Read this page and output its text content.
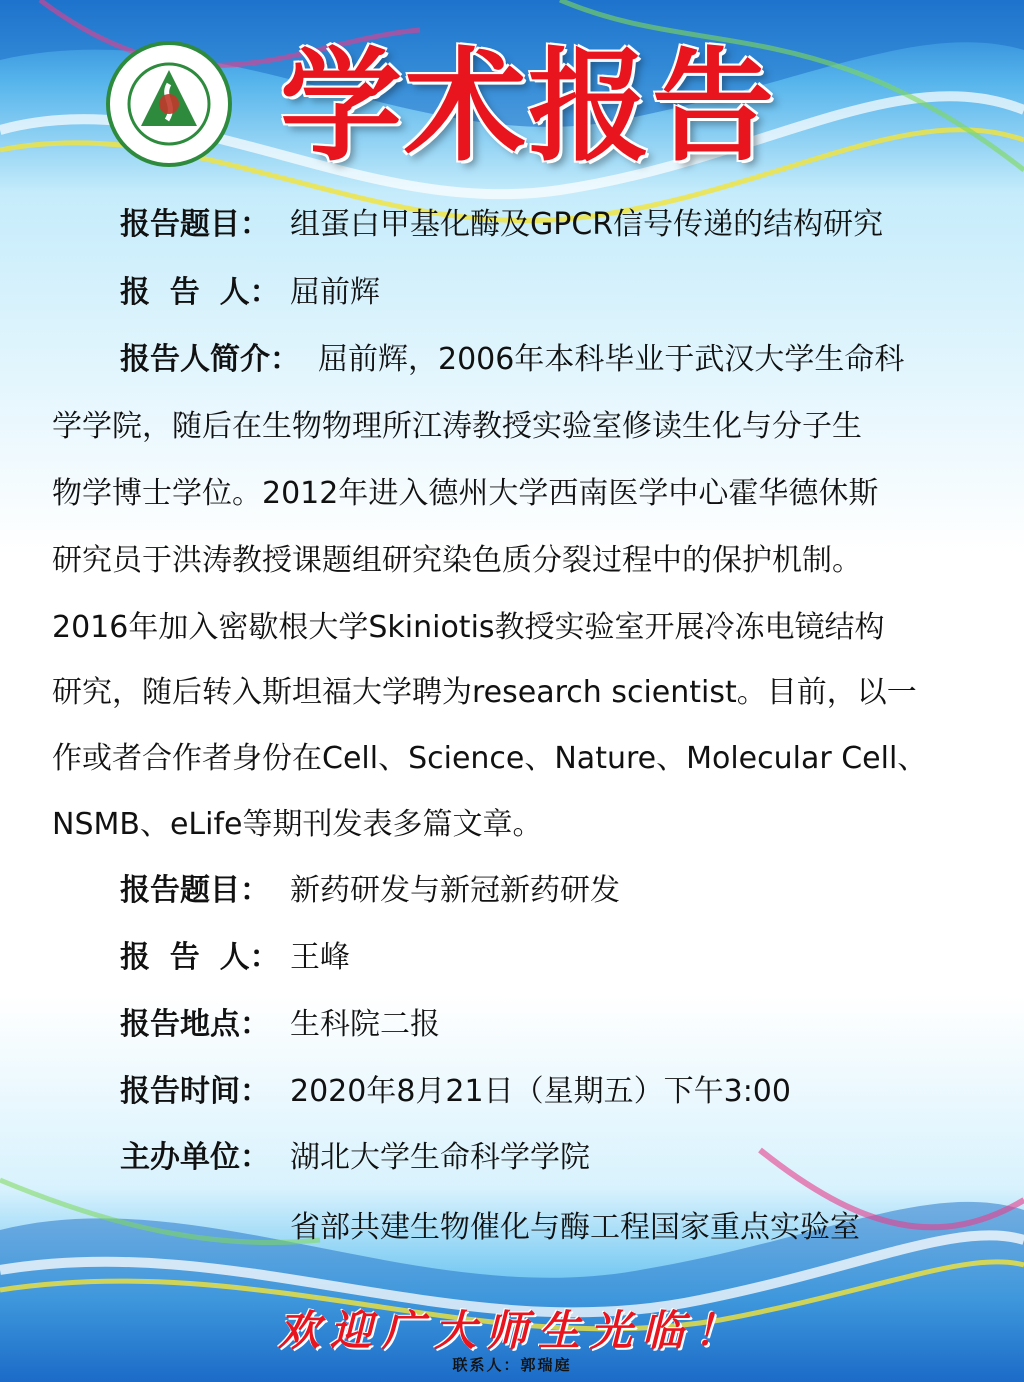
学术报告
报告题目： 组蛋白甲基化酶及GPCR信号传递的结构研究
报 告 人： 屈前辉
报告人简介： 屈前辉，2006年本科毕业于武汉大学生命科
学学院，随后在生物物理所江涛教授实验室修读生化与分子生
物学博士学位。2012年进入德州大学西南医学中心霍华德休斯
研究员于洪涛教授课题组研究染色质分裂过程中的保护机制。
2016年加入密歇根大学Skiniotis教授实验室开展冷冻电镜结构
研究，随后转入斯坦福大学聘为research scientist。目前，以一
作或者合作者身份在Cell、Science、Nature、Molecular Cell、
NSMB、eLife等期刊发表多篇文章。
报告题目： 新药研发与新冠新药研发
报 告 人： 王峰
报告地点： 生科院二报
报告时间： 2020年8月21日（星期五）下午3:00
主办单位： 湖北大学生命科学学院
省部共建生物催化与酶工程国家重点实验室
欢迎广大师生光临！
联系人：郭瑞庭
